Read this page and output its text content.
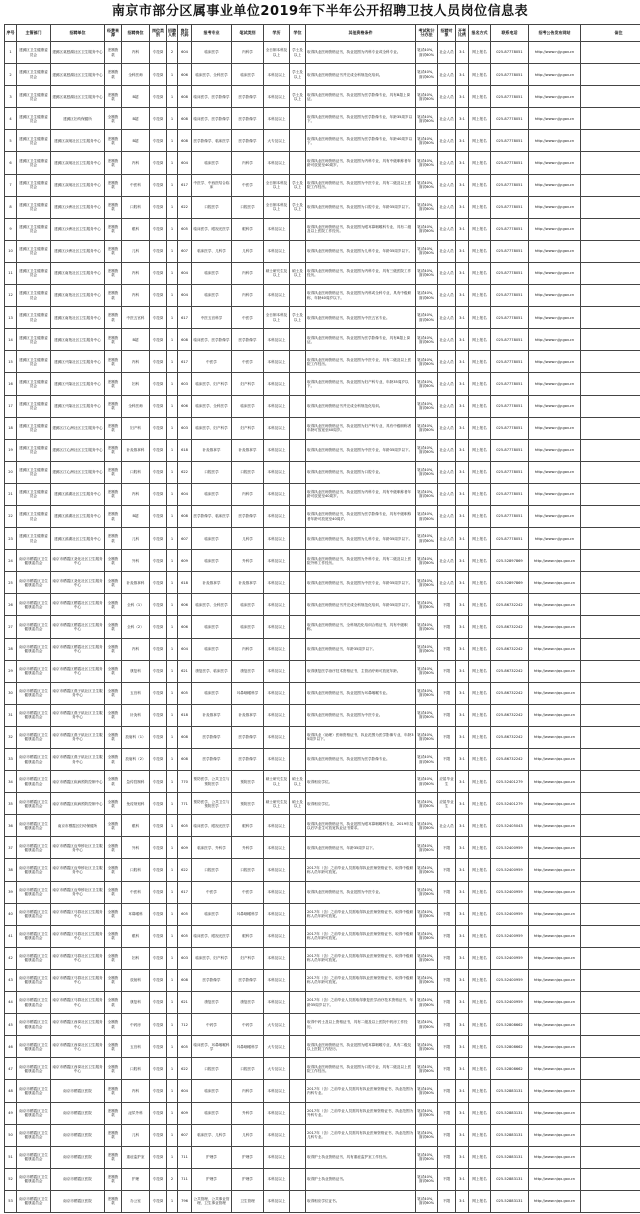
南京市部分区属事业单位2019年下半年公开招聘卫技人员岗位信息表
序号	主管部门	招聘单位	经费来源	招聘岗位	岗位类别	招聘人数	岗位代码	报考专业	笔试类别	学历	学位	其他资格条件	考试和计分办法	招聘对象	开考比例	报名方式	联系电话	招考公告发布网站	备注
1	建邺区卫生健康委员会	建邺区莫愁湖社区卫生服务中心	差额拨款	内科	专技岗	2	604	临床医学	内科学	全日制本科及以上	学士及以上	取得执业医师资格证书，执业范围为内科专业或全科专业。	笔试40%，面试60%	社会人员	3:1	网上报名	025-87778051	http://www.njjy.gov.cn	
2	建邺区卫生健康委员会	建邺区莫愁湖社区卫生服务中心	差额拨款	全科医师	专技岗	1	606	临床医学、全科医学	临床医学	本科及以上	学士及以上	取得执业医师资格证书并完成全科规范化培训。	笔试40%，面试60%	社会人员	3:1	网上报名	025-87778051	http://www.njjy.gov.cn	
3	建邺区卫生健康委员会	建邺区莫愁湖社区卫生服务中心	差额拨款	B超	专技岗	1	608	临床医学、医学影像学	医学影像学	本科及以上	学士及以上	取得执业医师资格证书，执业范围为医学影像专业，具有B超上岗证。	笔试40%，面试60%	社会人员	3:1	网上报名	025-87778051	http://www.njjy.gov.cn	
4	建邺区卫生健康委员会	建邺区妇幼保健所	全额拨款	B超	专技岗	1	608	临床医学、医学影像学	医学影像学	本科及以上		取得执业医师资格证书，执业范围为医学影像专业，年龄35周岁以下。	笔试40%，面试60%	社会人员	3:1	网上报名	025-87778051	http://www.njjy.gov.cn	
5	建邺区卫生健康委员会	建邺区双闸社区卫生服务中心	差额拨款	B超	专技岗	1	608	医学影像学、临床医学	医学影像学	大专及以上		取得执业医师资格证书，执业范围为医学影像专业，年龄40周岁以下。	笔试40%，面试60%	社会人员	3:1	网上报名	025-87778051	http://www.njjy.gov.cn	
6	建邺区卫生健康委员会	建邺区双闸社区卫生服务中心	差额拨款	内科	专技岗	1	604	临床医学	内科学	本科及以上		取得执业医师资格证书，执业范围为内科专业，具有中级职称者年龄可放宽至40周岁。	笔试40%，面试60%	社会人员	3:1	网上报名	025-87778051	http://www.njjy.gov.cn	
7	建邺区卫生健康委员会	建邺区双闸社区卫生服务中心	差额拨款	中医科	专技岗	1	617	中医学、中西医结合临床	中医学	全日制本科及以上	学士及以上	取得执业医师资格证书，执业范围为中医专业，具有二级及以上医院工作经历。	笔试40%，面试60%	社会人员	3:1	网上报名	025-87778051	http://www.njjy.gov.cn	
8	建邺区卫生健康委员会	建邺区沙洲社区卫生服务中心	差额拨款	口腔科	专技岗	1	622	口腔医学	口腔医学	全日制本科及以上	学士及以上	取得执业医师资格证书，执业范围为口腔专业，年龄35周岁以下。	笔试40%，面试60%	社会人员	3:1	网上报名	025-87778051	http://www.njjy.gov.cn	
9	建邺区卫生健康委员会	建邺区沙洲社区卫生服务中心	差额拨款	眼科	专技岗	1	605	临床医学、眼视光医学	眼科学	本科及以上		取得执业医师资格证书，执业范围为眼耳鼻咽喉科专业，具有二级及以上医院工作经历。	笔试40%，面试60%	社会人员	3:1	网上报名	025-87778051	http://www.njjy.gov.cn	
10	建邺区卫生健康委员会	建邺区沙洲社区卫生服务中心	差额拨款	儿科	专技岗	1	607	临床医学、儿科学	儿科学	本科及以上		取得执业医师资格证书，执业范围为儿科专业，年龄35周岁以下。	笔试40%，面试60%	社会人员	3:1	网上报名	025-87778051	http://www.njjy.gov.cn	
11	建邺区卫生健康委员会	建邺区南苑社区卫生服务中心	差额拨款	内科	专技岗	1	604	临床医学	内科学	硕士研究生及以上	硕士及以上	取得执业医师资格证书，执业范围为内科专业，具有三级医院工作经历。	笔试40%，面试60%	社会人员	3:1	网上报名	025-87778051	http://www.njjy.gov.cn	
12	建邺区卫生健康委员会	建邺区南苑社区卫生服务中心	差额拨款	内科	专技岗	1	604	临床医学	内科学	本科及以上		取得执业医师资格证书，执业范围为内科或全科专业，具有中级职称，年龄40周岁以下。	笔试40%，面试60%	社会人员	3:1	网上报名	025-87778051	http://www.njjy.gov.cn	
13	建邺区卫生健康委员会	建邺区南苑社区卫生服务中心	差额拨款	中医五官科	专技岗	1	617	中医五官科学	中医学	全日制本科及以上	学士及以上	取得执业医师资格证书，执业范围为中医五官专业。	笔试40%，面试60%	社会人员	3:1	网上报名	025-87778051	http://www.njjy.gov.cn	
14	建邺区卫生健康委员会	建邺区南苑社区卫生服务中心	差额拨款	B超	专技岗	1	608	临床医学、医学影像学	医学影像学	本科及以上		取得执业医师资格证书，执业范围为医学影像专业，具有B超上岗证。	笔试40%，面试60%	社会人员	3:1	网上报名	025-87778051	http://www.njjy.gov.cn	
15	建邺区卫生健康委员会	建邺区兴隆社区卫生服务中心	差额拨款	内科	专技岗	1	617	中医学	中医学	本科及以上		取得执业医师资格证书，执业范围为中医专业，具有二级及以上医院工作经历。	笔试40%，面试60%	社会人员	3:1	网上报名	025-87778051	http://www.njjy.gov.cn	
16	建邺区卫生健康委员会	建邺区兴隆社区卫生服务中心	差额拨款	妇科	专技岗	1	603	临床医学、妇产科学	妇产科学	本科及以上		取得执业医师资格证书，执业范围为妇产科专业，年龄35周岁以下。	笔试40%，面试60%	社会人员	3:1	网上报名	025-87778051	http://www.njjy.gov.cn	
17	建邺区卫生健康委员会	建邺区兴隆社区卫生服务中心	差额拨款	全科医师	专技岗	1	606	临床医学、全科医学	临床医学	本科及以上		取得执业医师资格证书并完成全科规范化培训。	笔试40%，面试60%	社会人员	3:1	网上报名	025-87778051	http://www.njjy.gov.cn	
18	建邺区卫生健康委员会	建邺区江心洲社区卫生服务中心	差额拨款	妇产科	专技岗	1	603	临床医学、妇产科学	妇产科学	本科及以上		取得执业医师资格证书，执业范围为妇产科专业，具有中级职称者年龄可放宽至40周岁。	笔试40%，面试60%	社会人员	3:1	网上报名	025-87778051	http://www.njjy.gov.cn	
19	建邺区卫生健康委员会	建邺区江心洲社区卫生服务中心	差额拨款	针灸推拿科	专技岗	1	618	针灸推拿学	针灸推拿学	本科及以上		取得执业医师资格证书，执业范围为中医专业，年龄35周岁以下。	笔试40%，面试60%	社会人员	3:1	网上报名	025-87778051	http://www.njjy.gov.cn	
20	建邺区卫生健康委员会	建邺区江心洲社区卫生服务中心	差额拨款	口腔科	专技岗	1	622	口腔医学	口腔医学	本科及以上		取得执业医师资格证书，执业范围为口腔专业。	笔试40%，面试60%	社会人员	3:1	网上报名	025-87778051	http://www.njjy.gov.cn	
21	建邺区卫生健康委员会	建邺区滨湖社区卫生服务中心	差额拨款	内科	专技岗	1	604	临床医学	内科学	本科及以上		取得执业医师资格证书，执业范围为内科专业，具有中级职称者年龄可放宽至40周岁。	笔试40%，面试60%	社会人员	3:1	网上报名	025-87778051	http://www.njjy.gov.cn	
22	建邺区卫生健康委员会	建邺区滨湖社区卫生服务中心	差额拨款	B超	专技岗	1	608	医学影像学、临床医学	医学影像学	本科及以上		取得执业医师资格证书，执业范围为医学影像专业，具有中级职称者年龄可放宽至40周岁。	笔试40%，面试60%	社会人员	3:1	网上报名	025-87778051	http://www.njjy.gov.cn	
23	建邺区卫生健康委员会	建邺区滨湖社区卫生服务中心	差额拨款	儿科	专技岗	1	607	临床医学	儿科学	本科及以上		取得执业医师资格证书，执业范围为儿科专业，年龄35周岁以下。	笔试40%，面试60%	社会人员	3:1	网上报名	025-87778051	http://www.njjy.gov.cn	
24	南京市栖霞区卫生健康委员会	南京市栖霞区尧化社区卫生服务中心	全额拨款	外科	专技岗	1	609	临床医学	外科学	本科及以上		取得执业医师资格证书，执业范围为外科专业，具有二级及以上医院外科工作经历。	笔试40%，面试60%	社会人员	3:1	网上报名	025-52897869	http://www.njqx.gov.cn	
25	南京市栖霞区卫生健康委员会	南京市栖霞区尧化社区卫生服务中心	全额拨款	针灸推拿科	专技岗	1	618	针灸推拿学	针灸推拿学	本科及以上		取得执业医师资格证书，执业范围为中医专业，年龄35周岁以下。	笔试40%，面试60%	社会人员	3:1	网上报名	025-52897869	http://www.njqx.gov.cn	
26	南京市栖霞区卫生健康委员会	南京市栖霞区栖霞社区卫生服务中心	全额拨款	全科（1）	专技岗	1	606	临床医学、全科医学	临床医学	本科及以上		取得执业医师资格证书并完成全科规范化培训，年龄35周岁以下。	笔试40%，面试60%	不限	3:1	网上报名	025-86732242	http://www.njqx.gov.cn	
27	南京市栖霞区卫生健康委员会	南京市栖霞区栖霞社区卫生服务中心	全额拨款	全科（2）	专技岗	1	606	临床医学	临床医学	本科及以上		取得执业医师资格证书，全科规范化培训合格证书，具有中级职称。	笔试40%，面试60%	不限	3:1	网上报名	025-86732242	http://www.njqx.gov.cn	
28	南京市栖霞区卫生健康委员会	南京市栖霞区栖霞社区卫生服务中心	全额拨款	内科	专技岗	1	604	临床医学	内科学	本科及以上		取得执业医师资格证书，年龄35周岁以下。	笔试40%，面试60%	不限	3:1	网上报名	025-86732242	http://www.njqx.gov.cn	
29	南京市栖霞区卫生健康委员会	南京市栖霞区栖霞社区卫生服务中心	全额拨款	康复科	专技岗	1	621	康复医学、临床医学	康复医学	本科及以上		取得康复医学治疗技术资格证书，主管治疗师可放宽年龄。	笔试40%，面试60%	不限	3:1	网上报名	025-86732242	http://www.njqx.gov.cn	
30	南京市栖霞区卫生健康委员会	南京市栖霞区燕子矶社区卫生服务中心	全额拨款	五官科	专技岗	1	605	临床医学	耳鼻咽喉科学	本科及以上		取得执业医师资格证书，执业范围为耳鼻咽喉专业。	笔试40%，面试60%	不限	3:1	网上报名	025-86732242	http://www.njqx.gov.cn	
31	南京市栖霞区卫生健康委员会	南京市栖霞区燕子矶社区卫生服务中心	全额拨款	针灸科	专技岗	1	618	针灸推拿学	针灸推拿学	本科及以上		取得执业医师资格证书，执业范围为中医专业。	笔试40%，面试60%	不限	3:1	网上报名	025-86732242	http://www.njqx.gov.cn	
32	南京市栖霞区卫生健康委员会	南京市栖霞区燕子矶社区卫生服务中心	全额拨款	放射科（1）	专技岗	1	608	医学影像学	医学影像学	本科及以上		取得执业（助理）医师资格证书，执业范围为医学影像专业，年龄35周岁以下。	笔试40%，面试60%	不限	3:1	网上报名	025-86732242	http://www.njqx.gov.cn	
33	南京市栖霞区卫生健康委员会	南京市栖霞区燕子矶社区卫生服务中心	全额拨款	放射科（2）	专技岗	1	608	医学影像学	医学影像学	本科及以上		取得执业医师资格证书，执业范围为医学影像专业。	笔试40%，面试60%	不限	3:1	网上报名	025-86732242	http://www.njqx.gov.cn	
34	南京市栖霞区卫生健康委员会	南京市栖霞区疾病预防控制中心	全额拨款	急传控制科	专技岗	1	770	预防医学、公共卫生与预防医学	预防医学	硕士研究生及以上	硕士及以上	取得相应学位。	笔试40%，面试60%	应届毕业生	3:1	网上报名	025-52401279	http://www.njqx.gov.cn	
35	南京市栖霞区卫生健康委员会	南京市栖霞区疾病预防控制中心	全额拨款	免疫规划科	专技岗	1	771	预防医学、公共卫生与预防医学	预防医学	硕士研究生及以上	硕士及以上	取得相应学位。	笔试40%，面试60%	应届毕业生	3:1	网上报名	025-52401279	http://www.njqx.gov.cn	
36	南京市栖霞区卫生健康委员会	南京市栖霞区妇幼保健所	全额拨款	眼科	专技岗	1	605	临床医学、眼视光医学	眼科学	本科及以上		取得执业医师资格证书，执业范围为眼耳鼻咽喉科专业，2019年及以后毕业生可放宽执业证书要求。	笔试40%，面试60%	社会人员	3:1	网上报名	025-52405043	http://www.njqx.gov.cn	
37	南京市栖霞区卫生健康委员会	南京市栖霞区迈皋桥社区卫生服务中心	全额拨款	外科	专技岗	1	609	临床医学、外科学	外科学	本科及以上		取得执业医师资格证书，年龄35周岁以下。	笔试40%，面试60%	不限	3:1	网上报名	025-52400959	http://www.njqx.gov.cn	
38	南京市栖霞区卫生健康委员会	南京市栖霞区迈皋桥社区卫生服务中心	全额拨款	口腔科	专技岗	1	622	口腔医学	口腔医学	本科及以上		2017年（含）之前毕业人员需取得执业医师资格证书，取得中级职称人员年龄可放宽。	笔试40%，面试60%	不限	3:1	网上报名	025-52400959	http://www.njqx.gov.cn	
39	南京市栖霞区卫生健康委员会	南京市栖霞区迈皋桥社区卫生服务中心	全额拨款	中医科	专技岗	1	617	中医学	中医学	本科及以上		取得执业医师资格证书，执业范围为中医专业。	笔试40%，面试60%	不限	3:1	网上报名	025-52400959	http://www.njqx.gov.cn	
40	南京市栖霞区卫生健康委员会	南京市栖霞区马群社区卫生服务中心	全额拨款	耳鼻喉科	专技岗	1	605	临床医学	耳鼻咽喉科学	本科及以上		2017年（含）之前毕业人员需取得执业医师资格证书，取得中级职称人员年龄可放宽。	笔试40%，面试60%	不限	3:1	网上报名	025-52400959	http://www.njqx.gov.cn	
41	南京市栖霞区卫生健康委员会	南京市栖霞区马群社区卫生服务中心	全额拨款	眼科	专技岗	1	605	临床医学、眼视光医学	眼科学	本科及以上		2017年（含）之前毕业人员需取得执业医师资格证书，取得中级职称人员年龄可放宽。	笔试40%，面试60%	不限	3:1	网上报名	025-52400959	http://www.njqx.gov.cn	
42	南京市栖霞区卫生健康委员会	南京市栖霞区马群社区卫生服务中心	全额拨款	妇科	专技岗	1	603	临床医学、妇产科学	妇产科学	本科及以上		2017年（含）之前毕业人员需取得执业医师资格证书，取得中级职称人员年龄可放宽。	笔试40%，面试60%	不限	3:1	网上报名	025-52400959	http://www.njqx.gov.cn	
43	南京市栖霞区卫生健康委员会	南京市栖霞区马群社区卫生服务中心	全额拨款	放射科	专技岗	1	608	医学影像学	医学影像学	本科及以上		2017年（含）之前毕业人员需取得执业医师资格证书，取得中级职称人员年龄可放宽。	笔试40%，面试60%	不限	3:1	网上报名	025-52400959	http://www.njqx.gov.cn	
44	南京市栖霞区卫生健康委员会	南京市栖霞区马群社区卫生服务中心	全额拨款	康复科	专技岗	1	621	康复医学	康复医学	本科及以上		2017年（含）之前毕业人员需取得康复医学治疗技术资格证书，年龄35周岁以下。	笔试40%，面试60%	不限	3:1	网上报名	025-52400959	http://www.njqx.gov.cn	
45	南京市栖霞区卫生健康委员会	南京市栖霞区西岗社区卫生服务中心	全额拨款	中药房	专技岗	1	712	中药学	中药学	大专及以上		取得中药士及以上资格证书，具有二级及以上医院中药房工作经历。	笔试40%，面试60%	不限	3:1	网上报名	025-52808662	http://www.njqx.gov.cn	
46	南京市栖霞区卫生健康委员会	南京市栖霞区西岗社区卫生服务中心	全额拨款	五官科	专技岗	1	605	临床医学、耳鼻咽喉科学	耳鼻咽喉科学	大专及以上		取得执业医师资格证书，执业范围为眼耳鼻咽喉专业，具有二级及以上医院工作经历。	笔试40%，面试60%	不限	3:1	网上报名	025-52808662	http://www.njqx.gov.cn	
47	南京市栖霞区卫生健康委员会	南京市栖霞区西岗社区卫生服务中心	全额拨款	口腔科	专技岗	1	622	口腔医学	口腔医学	大专及以上		取得执业医师资格证书，执业范围为口腔专业，具有二级及以上医院工作经历。	笔试40%，面试60%	不限	3:1	网上报名	025-52808662	http://www.njqx.gov.cn	
48	南京市栖霞区卫生健康委员会	南京市栖霞区医院	差额拨款	内科	专技岗	1	604	临床医学	内科学	本科及以上		2017年（含）之前毕业人员需具有执业医师资格证书，执业范围为内科专业。	笔试40%，面试60%	不限	3:1	网上报名	025-52883131	http://www.njqx.gov.cn	
49	南京市栖霞区卫生健康委员会	南京市栖霞区医院	差额拨款	泌尿外科	专技岗	1	609	临床医学	外科学	本科及以上		2017年（含）之前毕业人员需具有执业医师资格证书，执业范围为外科专业。	笔试40%，面试60%	不限	3:1	网上报名	025-52883131	http://www.njqx.gov.cn	
50	南京市栖霞区卫生健康委员会	南京市栖霞区医院	差额拨款	儿科	专技岗	1	607	临床医学、儿科学	儿科学	本科及以上		2017年（含）之前毕业人员需具有执业医师资格证书，执业范围为儿科专业。	笔试40%，面试60%	不限	3:1	网上报名	025-52883131	http://www.njqx.gov.cn	
51	南京市栖霞区卫生健康委员会	南京市栖霞区医院	差额拨款	重症监护室	专技岗	1	711	护理学	护理学	本科及以上		取得护士执业资格证书，具有重症监护室工作经历。	笔试40%，面试60%	不限	3:1	网上报名	025-52883131	http://www.njqx.gov.cn	
52	南京市栖霞区卫生健康委员会	南京市栖霞区医院	差额拨款	护理	专技岗	2	711	护理学	护理学	本科及以上		取得护士执业资格证书。	笔试40%，面试60%	不限	3:1	网上报名	025-52883131	http://www.njqx.gov.cn	
53	南京市栖霞区卫生健康委员会	南京市栖霞区医院	差额拨款	办公室	专技岗	1	796	公共管理、公共事业管理、卫生事业管理	卫生管理	本科及以上		取得相应学位证书。	笔试40%，面试60%	不限	3:1	网上报名	025-52883131	http://www.njqx.gov.cn	
